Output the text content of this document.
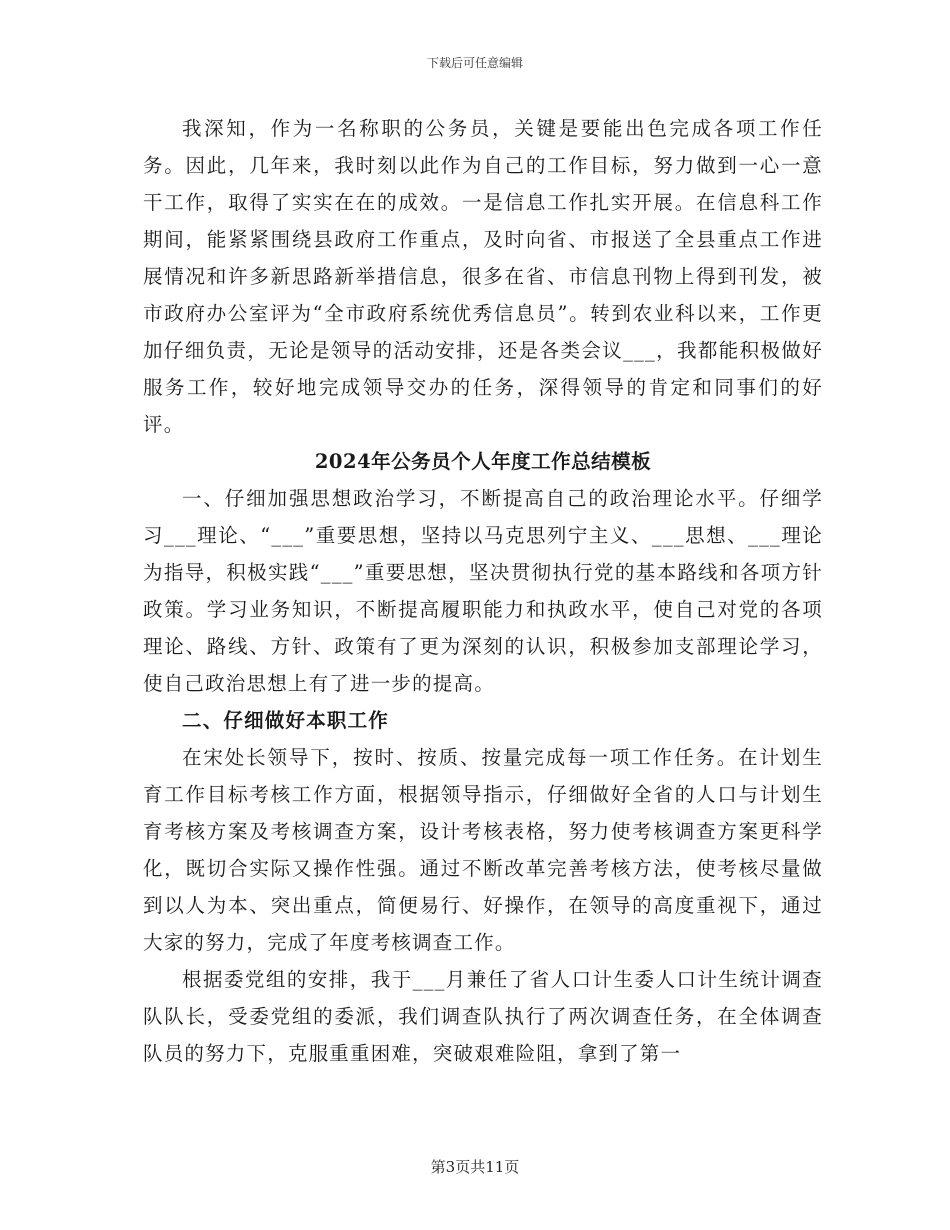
下载后可任意编辑

我深知，作为一名称职的公务员，关键是要能出色完成各项工作任务。因此，几年来，我时刻以此作为自己的工作目标，努力做到一心一意干工作，取得了实实在在的成效。一是信息工作扎实开展。在信息科工作期间，能紧紧围绕县政府工作重点，及时向省、市报送了全县重点工作进展情况和许多新思路新举措信息，很多在省、市信息刊物上得到刊发，被市政府办公室评为“全市政府系统优秀信息员”。转到农业科以来，工作更加仔细负责，无论是领导的活动安排，还是各类会议___，我都能积极做好服务工作，较好地完成领导交办的任务，深得领导的肯定和同事们的好评。

2024年公务员个人年度工作总结模板

一、仔细加强思想政治学习，不断提高自己的政治理论水平。仔细学习___理论、“___”重要思想，坚持以马克思列宁主义、___思想、___理论为指导，积极实践“___”重要思想，坚决贯彻执行党的基本路线和各项方针政策。学习业务知识，不断提高履职能力和执政水平，使自己对党的各项理论、路线、方针、政策有了更为深刻的认识，积极参加支部理论学习，使自己政治思想上有了进一步的提高。

二、仔细做好本职工作

在宋处长领导下，按时、按质、按量完成每一项工作任务。在计划生育工作目标考核工作方面，根据领导指示，仔细做好全省的人口与计划生育考核方案及考核调查方案，设计考核表格，努力使考核调查方案更科学化，既切合实际又操作性强。通过不断改革完善考核方法，使考核尽量做到以人为本、突出重点，简便易行、好操作，在领导的高度重视下，通过大家的努力，完成了年度考核调查工作。

根据委党组的安排，我于___月兼任了省人口计生委人口计生统计调查队队长，受委党组的委派，我们调查队执行了两次调查任务，在全体调查队员的努力下，克服重重困难，突破艰难险阻，拿到了第一

第3页共11页
